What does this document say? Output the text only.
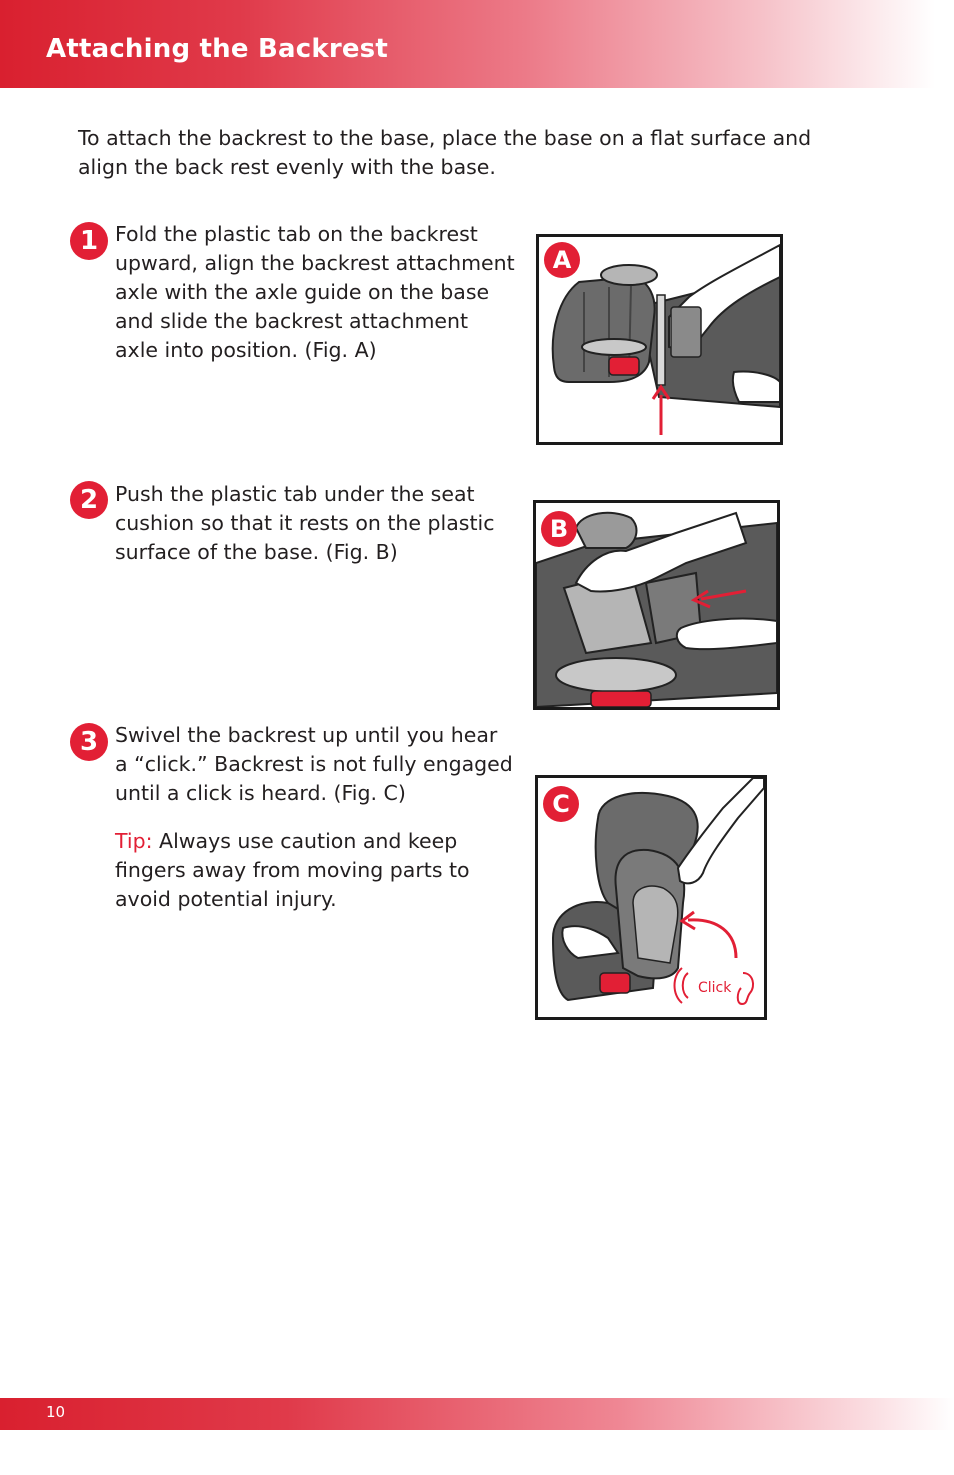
Attaching the Backrest
To attach the backrest to the base, place the base on a flat surface and align the back rest evenly with the base.
1 Fold the plastic tab on the backrest upward, align the backrest attachment axle with the axle guide on the base and slide the backrest attachment axle into position. (Fig. A)
A
2 Push the plastic tab under the seat cushion so that it rests on the plastic surface of the base. (Fig. B)
B
3 Swivel the backrest up until you hear a “click.” Backrest is not fully engaged until a click is heard. (Fig. C)
Tip: Always use caution and keep fingers away from moving parts to avoid potential injury.
Click
C
10
